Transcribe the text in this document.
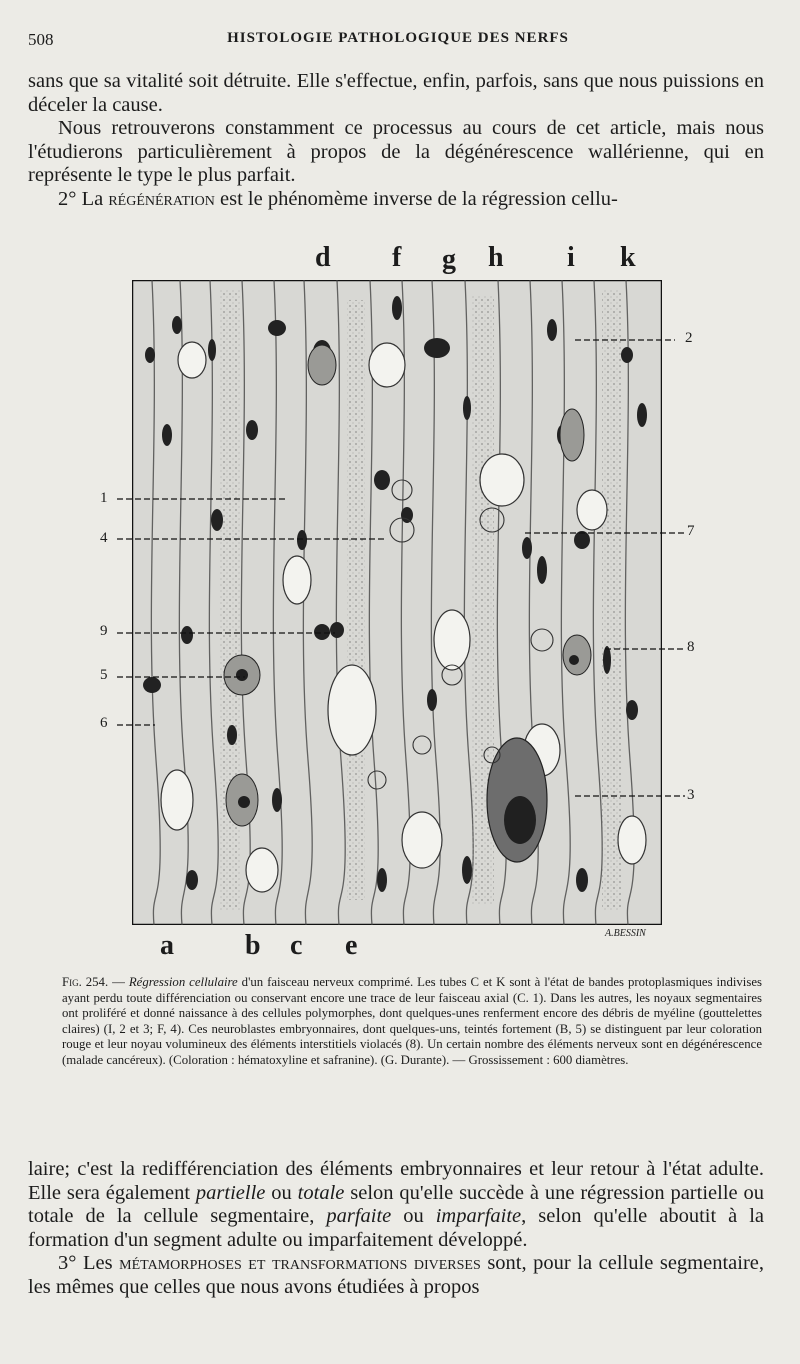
508	HISTOLOGIE PATHOLOGIQUE DES NERFS

sans que sa vitalité soit détruite. Elle s'effectue, enfin, parfois, sans que nous puissions en déceler la cause.

Nous retrouverons constamment ce processus au cours de cet article, mais nous l'étudierons particulièrement à propos de la dégénérescence wallérienne, qui en représente le type le plus parfait.

2° La régénération est le phénomème inverse de la régression cellu-

d f g h i k
1
4
9
5
6
2
7
8
3
A.BESSIN
a	b c e
Fig. 254. — Régression cellulaire d'un faisceau nerveux comprimé. Les tubes C et K sont à l'état de bandes protoplasmiques indivises ayant perdu toute différenciation ou conservant encore une trace de leur faisceau axial (C. 1). Dans les autres, les noyaux segmentaires ont proliféré et donné naissance à des cellules polymorphes, dont quelques-unes renferment encore des débris de myéline (gouttelettes claires) (I, 2 et 3; F, 4). Ces neuroblastes embryonnaires, dont quelques-uns, teintés fortement (B, 5) se distinguent par leur coloration rouge et leur noyau volumineux des éléments interstitiels violacés (8). Un certain nombre des éléments nerveux sont en dégénérescence (malade cancéreux). (Coloration : hématoxyline et safranine). (G. Durante). — Grossissement : 600 diamètres.

laire; c'est la redifférenciation des éléments embryonnaires et leur retour à l'état adulte. Elle sera également partielle ou totale selon qu'elle succède à une régression partielle ou totale de la cellule segmentaire, parfaite ou imparfaite, selon qu'elle aboutit à la formation d'un segment adulte ou imparfaitement développé.

3° Les métamorphoses et transformations diverses sont, pour la cellule segmentaire, les mêmes que celles que nous avons étudiées à propos
